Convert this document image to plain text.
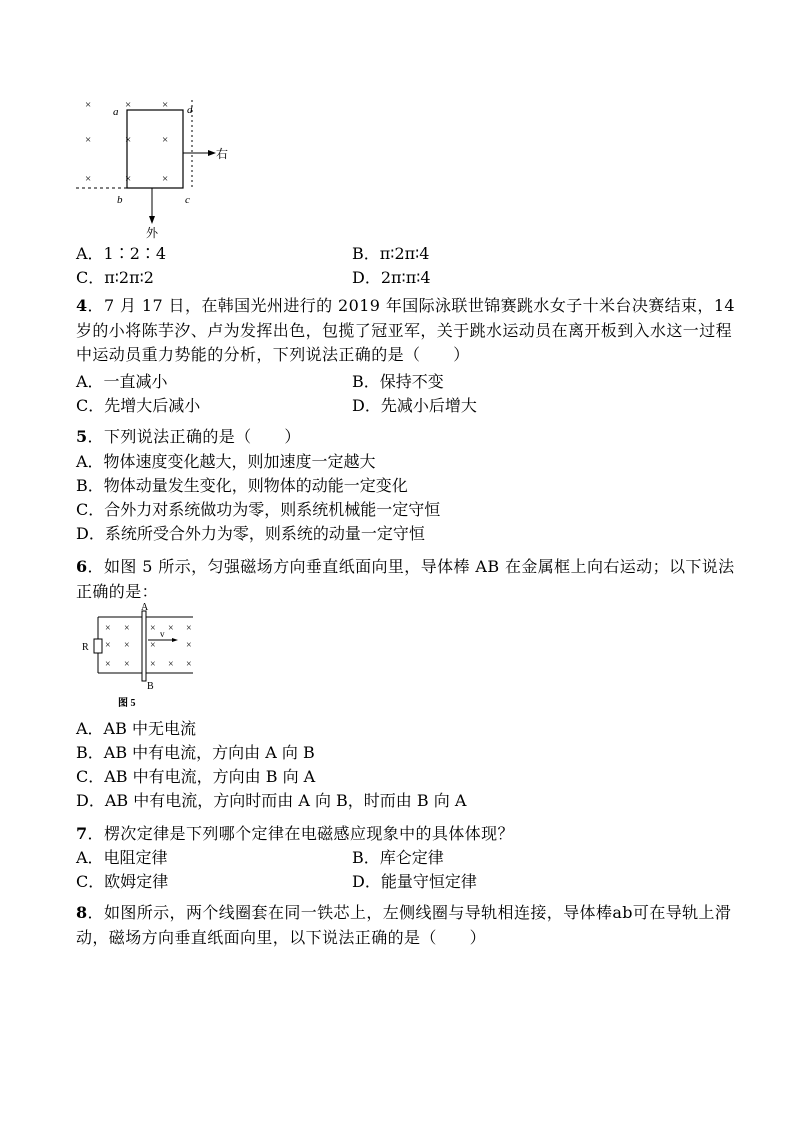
×	×	×
×	×	×
×	×	×
a	d
b	c
右
外
A．1∶2∶4	B．π∶2π∶4
C．π∶2π∶2	D．2π∶π∶4
4．7 月 17 日，在韩国光州进行的 2019 年国际泳联世锦赛跳水女子十米台决赛结束，14 岁的小将陈芋汐、卢为发挥出色，包揽了冠亚军，关于跳水运动员在离开板到入水这一过程中运动员重力势能的分析，下列说法正确的是（　　）
A．一直减小	B．保持不变
C．先增大后减小	D．先减小后增大
5．下列说法正确的是（　　）
A．物体速度变化越大，则加速度一定越大
B．物体动量发生变化，则物体的动能一定变化
C．合外力对系统做功为零，则系统机械能一定守恒
D．系统所受合外力为零，则系统的动量一定守恒
6．如图 5 所示，匀强磁场方向垂直纸面向里，导体棒 AB 在金属框上向右运动；以下说法正确的是：
A
B
R
v
× × × × ×
× × ×	×
× × × × ×
图 5
A．AB 中无电流
B．AB 中有电流，方向由 A 向 B
C．AB 中有电流，方向由 B 向 A
D．AB 中有电流，方向时而由 A 向 B，时而由 B 向 A
7．楞次定律是下列哪个定律在电磁感应现象中的具体体现？
A．电阻定律	B．库仑定律
C．欧姆定律	D．能量守恒定律
8．如图所示，两个线圈套在同一铁芯上，左侧线圈与导轨相连接，导体棒ab可在导轨上滑动，磁场方向垂直纸面向里，以下说法正确的是（　　）
